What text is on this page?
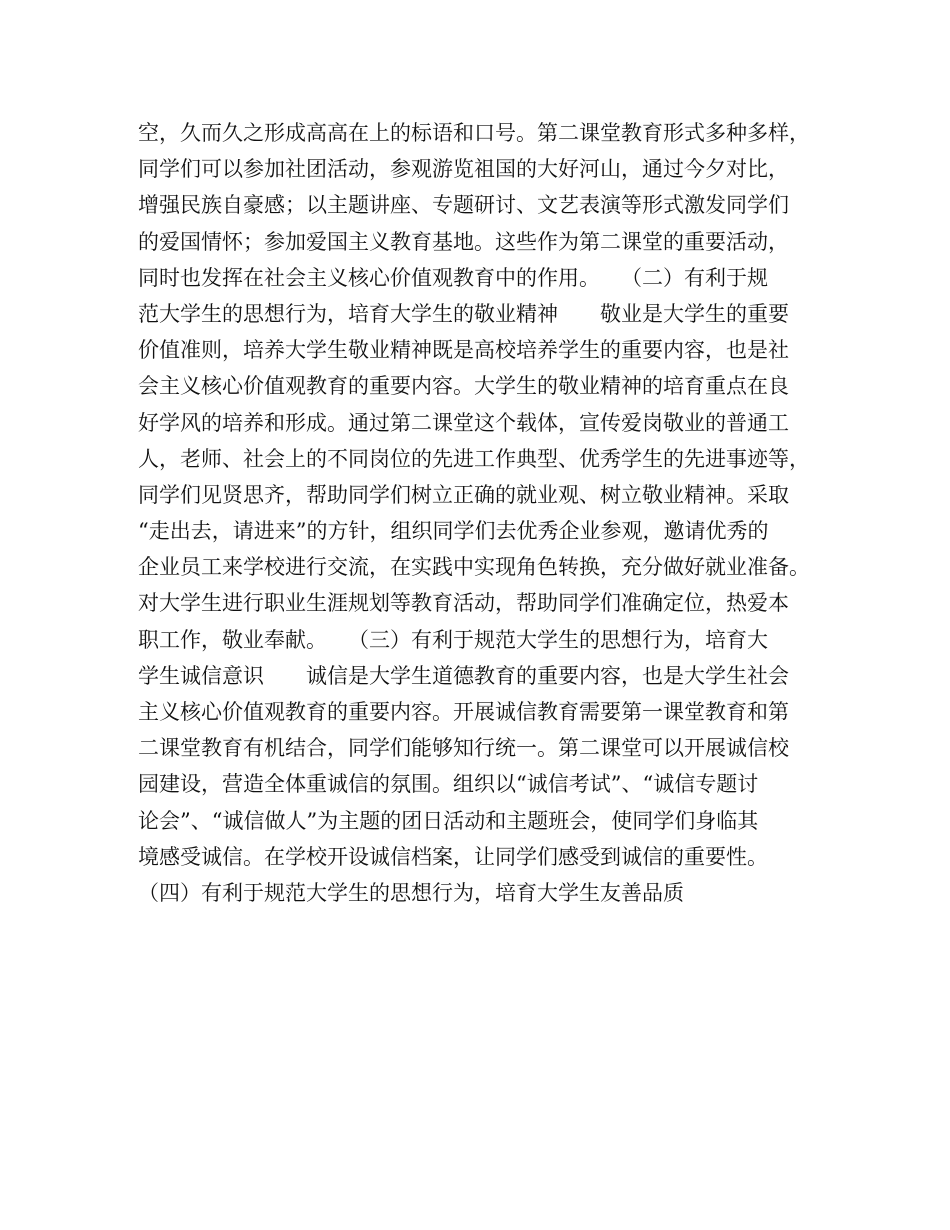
空，久而久之形成高高在上的标语和口号。第二课堂教育形式多种多样，
同学们可以参加社团活动，参观游览祖国的大好河山，通过今夕对比，
增强民族自豪感；以主题讲座、专题研讨、文艺表演等形式激发同学们
的爱国情怀；参加爱国主义教育基地。这些作为第二课堂的重要活动，
同时也发挥在社会主义核心价值观教育中的作用。　　（二）有利于规
范大学生的思想行为，培育大学生的敬业精神　　敬业是大学生的重要
价值准则，培养大学生敬业精神既是高校培养学生的重要内容，也是社
会主义核心价值观教育的重要内容。大学生的敬业精神的培育重点在良
好学风的培养和形成。通过第二课堂这个载体，宣传爱岗敬业的普通工
人，老师、社会上的不同岗位的先进工作典型、优秀学生的先进事迹等，
同学们见贤思齐，帮助同学们树立正确的就业观、树立敬业精神。采取
“走出去，请进来”的方针，组织同学们去优秀企业参观，邀请优秀的
企业员工来学校进行交流，在实践中实现角色转换，充分做好就业准备。
对大学生进行职业生涯规划等教育活动，帮助同学们准确定位，热爱本
职工作，敬业奉献。　　（三）有利于规范大学生的思想行为，培育大
学生诚信意识　　诚信是大学生道德教育的重要内容，也是大学生社会
主义核心价值观教育的重要内容。开展诚信教育需要第一课堂教育和第
二课堂教育有机结合，同学们能够知行统一。第二课堂可以开展诚信校
园建设，营造全体重诚信的氛围。组织以“诚信考试”、“诚信专题讨
论会”、“诚信做人”为主题的团日活动和主题班会，使同学们身临其
境感受诚信。在学校开设诚信档案，让同学们感受到诚信的重要性。
（四）有利于规范大学生的思想行为，培育大学生友善品质
